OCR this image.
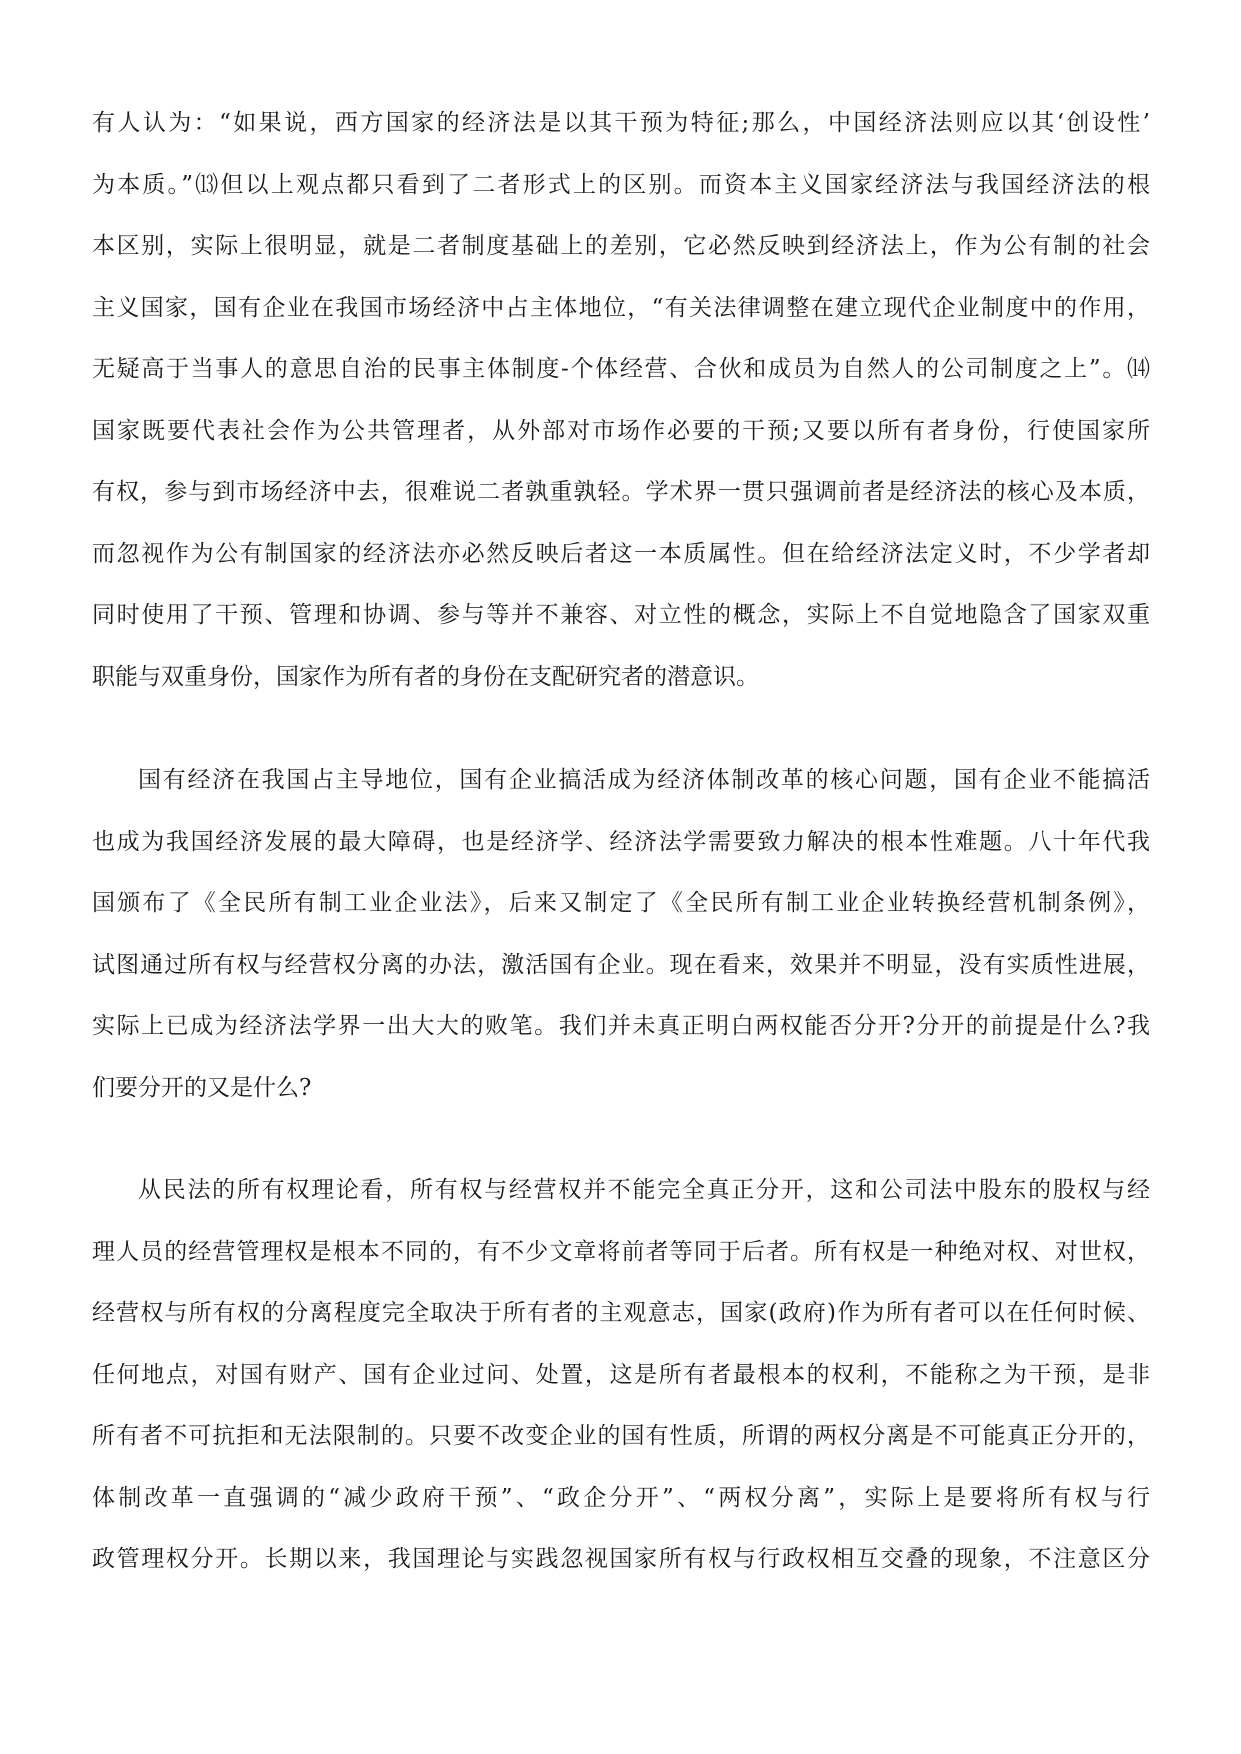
有人认为：“如果说，西方国家的经济法是以其干预为特征;那么，中国经济法则应以其‘创设性’
为本质。”⒀但以上观点都只看到了二者形式上的区别。而资本主义国家经济法与我国经济法的根
本区别，实际上很明显，就是二者制度基础上的差别，它必然反映到经济法上，作为公有制的社会
主义国家，国有企业在我国市场经济中占主体地位，“有关法律调整在建立现代企业制度中的作用，
无疑高于当事人的意思自治的民事主体制度-个体经营、合伙和成员为自然人的公司制度之上”。⒁
国家既要代表社会作为公共管理者，从外部对市场作必要的干预;又要以所有者身份，行使国家所
有权，参与到市场经济中去，很难说二者孰重孰轻。学术界一贯只强调前者是经济法的核心及本质，
而忽视作为公有制国家的经济法亦必然反映后者这一本质属性。但在给经济法定义时，不少学者却
同时使用了干预、管理和协调、参与等并不兼容、对立性的概念，实际上不自觉地隐含了国家双重
职能与双重身份，国家作为所有者的身份在支配研究者的潜意识。
国有经济在我国占主导地位，国有企业搞活成为经济体制改革的核心问题，国有企业不能搞活
也成为我国经济发展的最大障碍，也是经济学、经济法学需要致力解决的根本性难题。八十年代我
国颁布了《全民所有制工业企业法》，后来又制定了《全民所有制工业企业转换经营机制条例》，
试图通过所有权与经营权分离的办法，激活国有企业。现在看来，效果并不明显，没有实质性进展，
实际上已成为经济法学界一出大大的败笔。我们并未真正明白两权能否分开?分开的前提是什么?我
们要分开的又是什么?
从民法的所有权理论看，所有权与经营权并不能完全真正分开，这和公司法中股东的股权与经
理人员的经营管理权是根本不同的，有不少文章将前者等同于后者。所有权是一种绝对权、对世权，
经营权与所有权的分离程度完全取决于所有者的主观意志，国家(政府)作为所有者可以在任何时候、
任何地点，对国有财产、国有企业过问、处置，这是所有者最根本的权利，不能称之为干预，是非
所有者不可抗拒和无法限制的。只要不改变企业的国有性质，所谓的两权分离是不可能真正分开的，
体制改革一直强调的“减少政府干预”、“政企分开”、“两权分离”，实际上是要将所有权与行
政管理权分开。长期以来，我国理论与实践忽视国家所有权与行政权相互交叠的现象，不注意区分
